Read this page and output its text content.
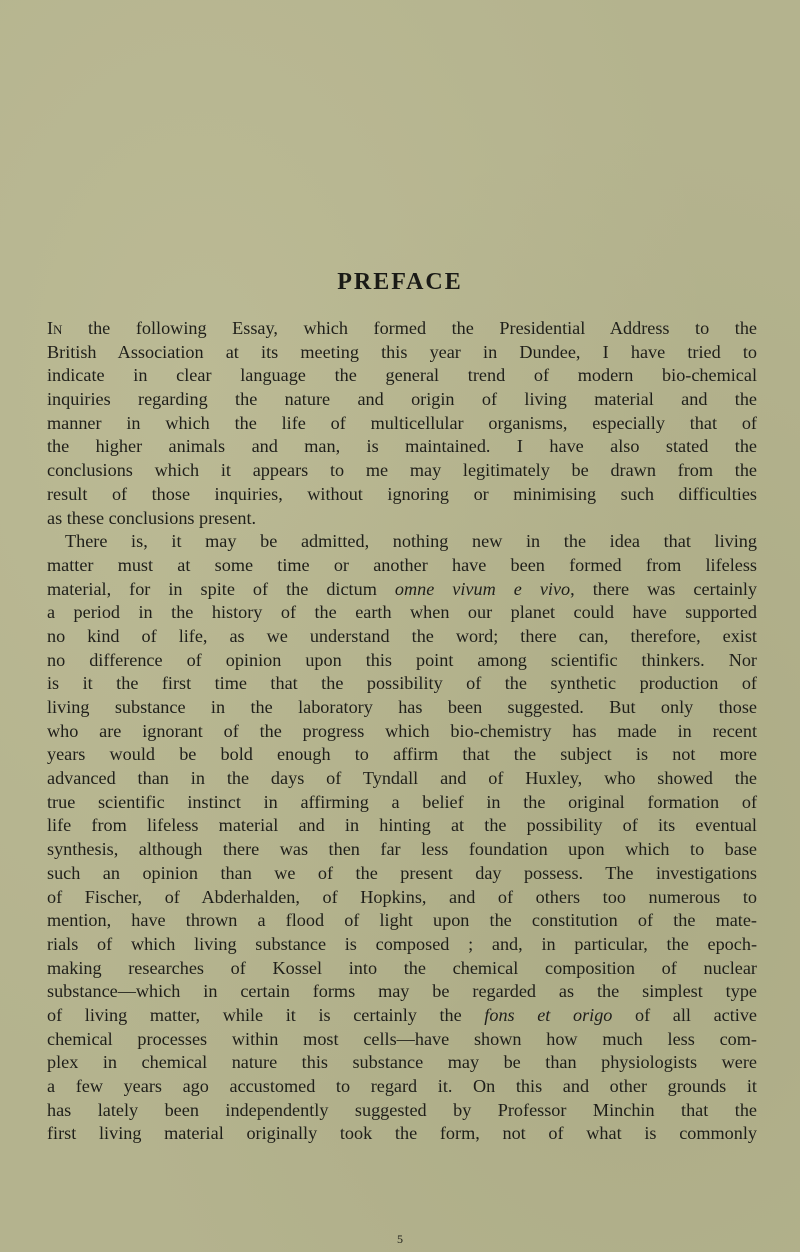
PREFACE
In the following Essay, which formed the Presidential Address to the
British Association at its meeting this year in Dundee, I have tried to
indicate in clear language the general trend of modern bio-chemical
inquiries regarding the nature and origin of living material and the
manner in which the life of multicellular organisms, especially that of
the higher animals and man, is maintained. I have also stated the
conclusions which it appears to me may legitimately be drawn from the
result of those inquiries, without ignoring or minimising such difficulties
as these conclusions present.
There is, it may be admitted, nothing new in the idea that living
matter must at some time or another have been formed from lifeless
material, for in spite of the dictum omne vivum e vivo, there was certainly
a period in the history of the earth when our planet could have supported
no kind of life, as we understand the word; there can, therefore, exist
no difference of opinion upon this point among scientific thinkers. Nor
is it the first time that the possibility of the synthetic production of
living substance in the laboratory has been suggested. But only those
who are ignorant of the progress which bio-chemistry has made in recent
years would be bold enough to affirm that the subject is not more
advanced than in the days of Tyndall and of Huxley, who showed the
true scientific instinct in affirming a belief in the original formation of
life from lifeless material and in hinting at the possibility of its eventual
synthesis, although there was then far less foundation upon which to base
such an opinion than we of the present day possess. The investigations
of Fischer, of Abderhalden, of Hopkins, and of others too numerous to
mention, have thrown a flood of light upon the constitution of the mate-
rials of which living substance is composed ; and, in particular, the epoch-
making researches of Kossel into the chemical composition of nuclear
substance—which in certain forms may be regarded as the simplest type
of living matter, while it is certainly the fons et origo of all active
chemical processes within most cells—have shown how much less com-
plex in chemical nature this substance may be than physiologists were
a few years ago accustomed to regard it. On this and other grounds it
has lately been independently suggested by Professor Minchin that the
first living material originally took the form, not of what is commonly
5
